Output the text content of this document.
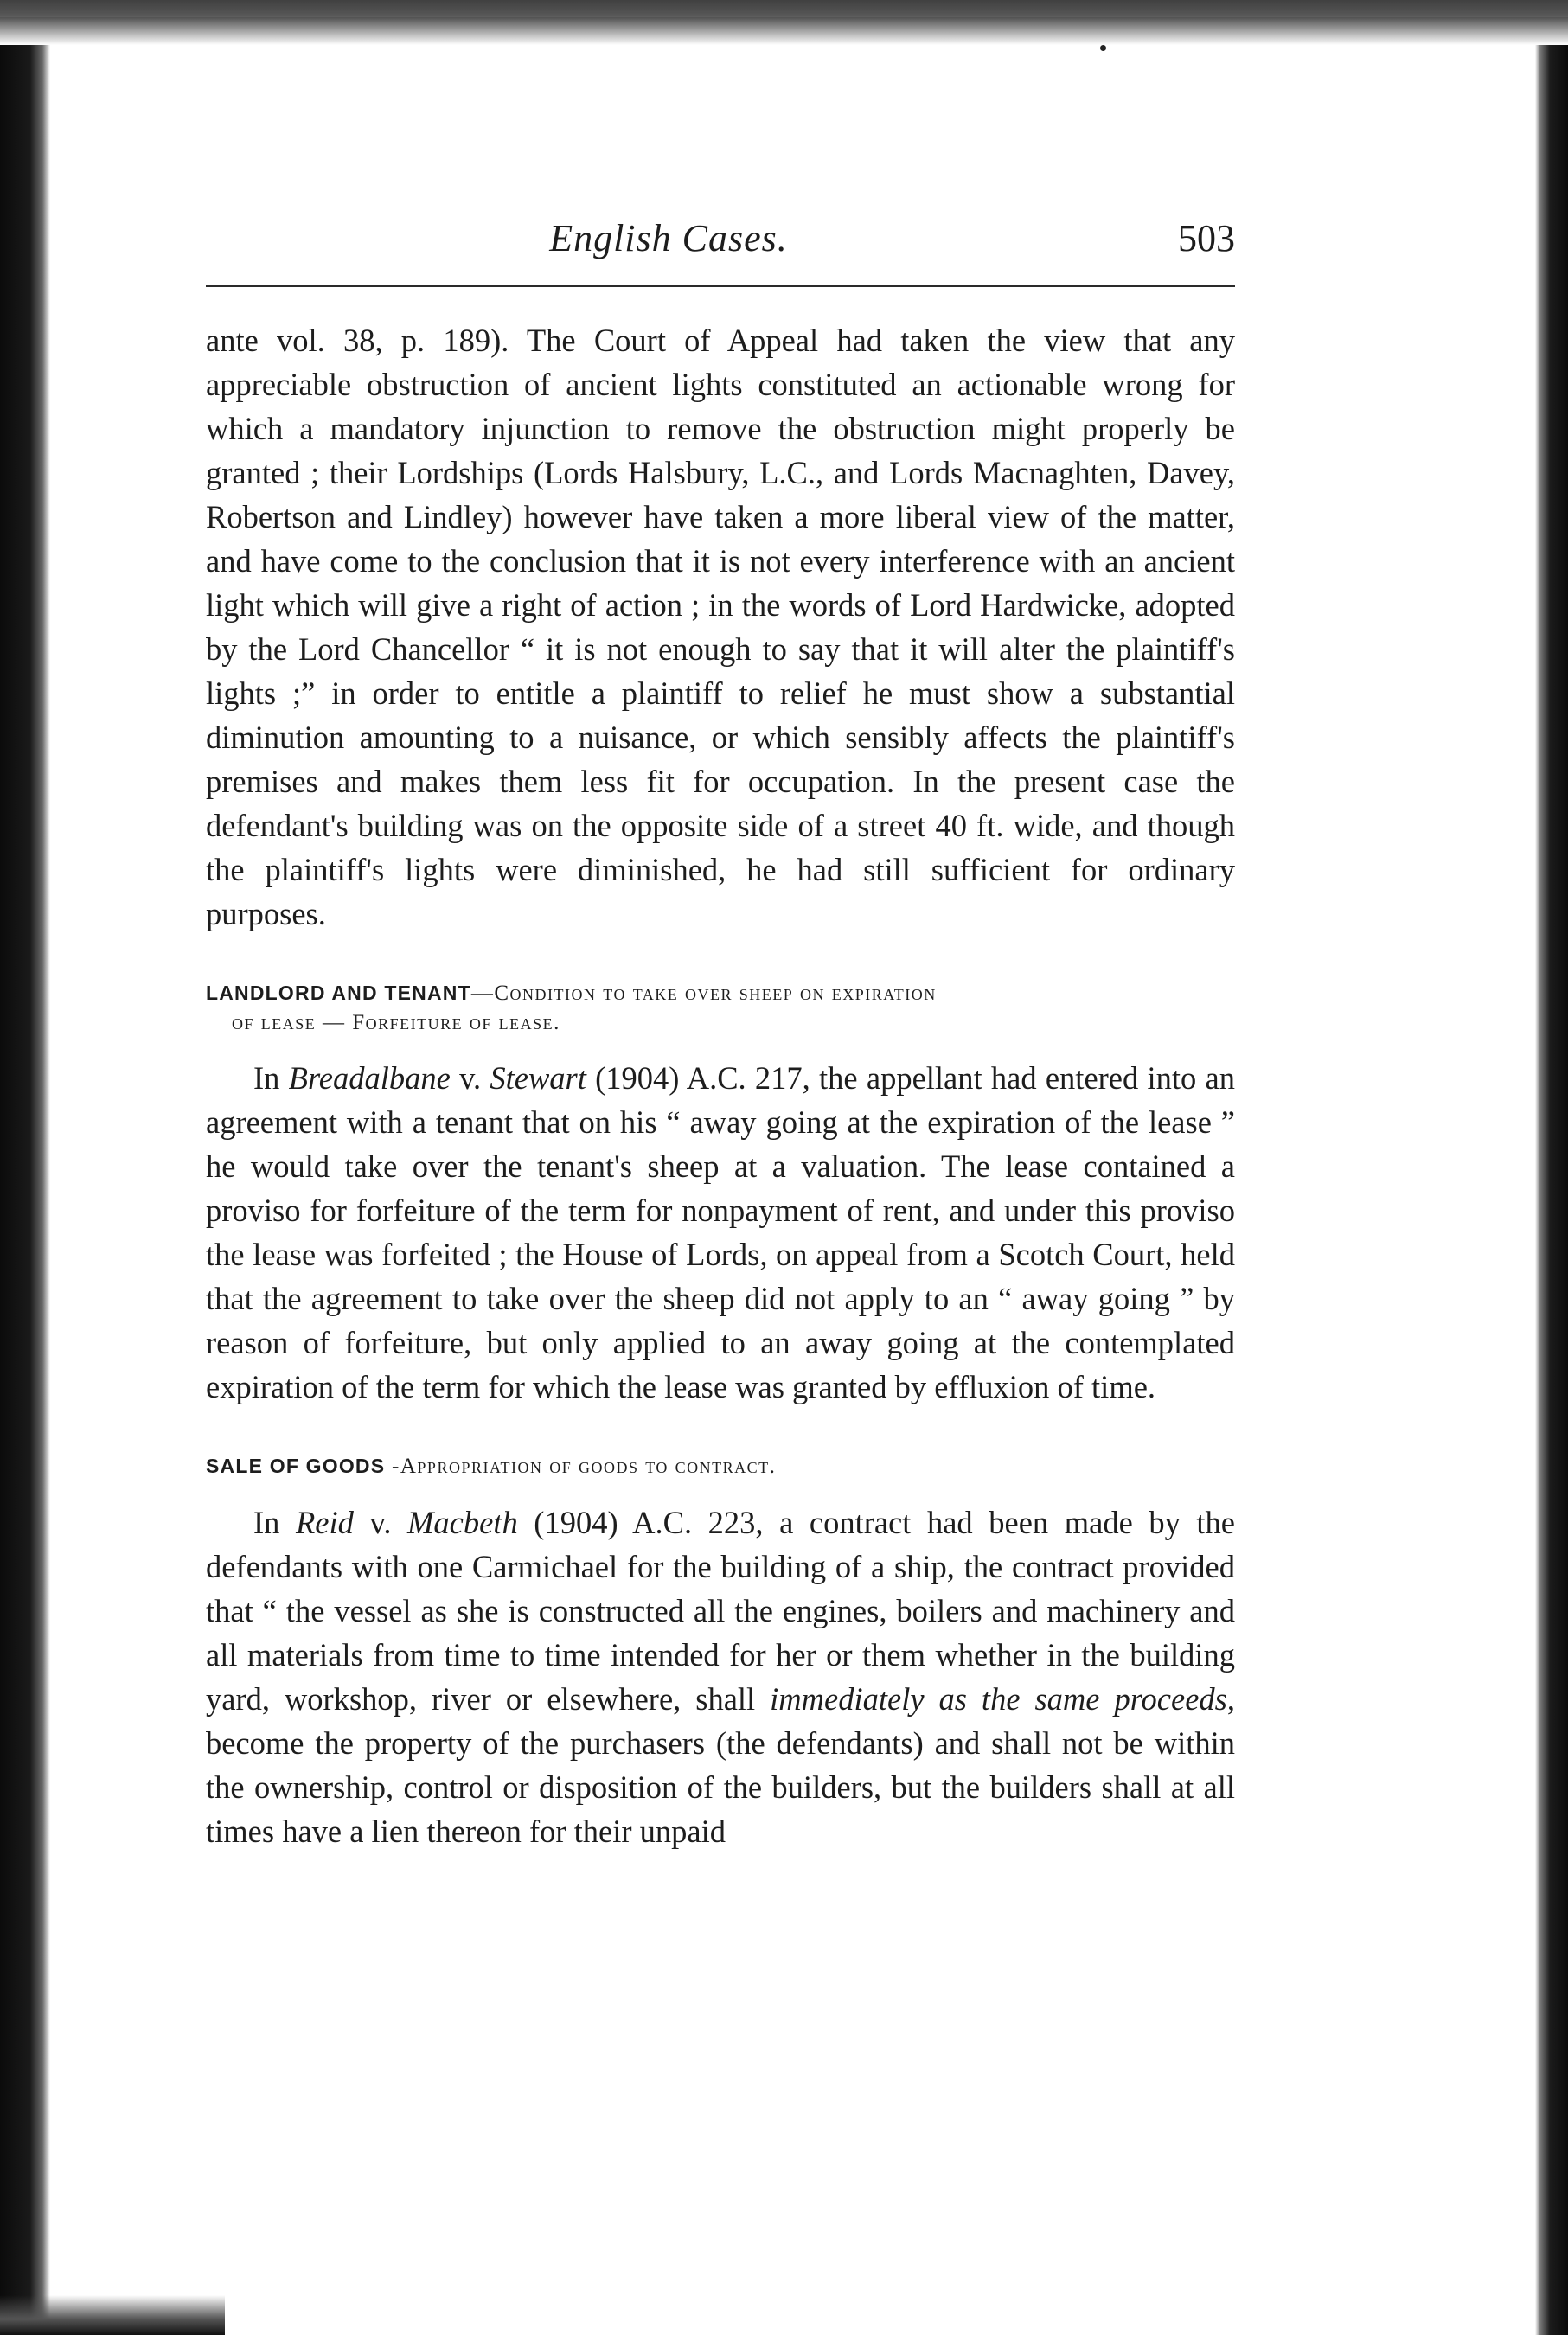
English Cases.	503

ante vol. 38, p. 189). The Court of Appeal had taken the view that any appreciable obstruction of ancient lights constituted an actionable wrong for which a mandatory injunction to remove the obstruction might properly be granted ; their Lordships (Lords Halsbury, L.C., and Lords Macnaghten, Davey, Robertson and Lindley) however have taken a more liberal view of the matter, and have come to the conclusion that it is not every interference with an ancient light which will give a right of action ; in the words of Lord Hardwicke, adopted by the Lord Chancellor “ it is not enough to say that it will alter the plaintiff's lights ;” in order to entitle a plaintiff to relief he must show a substantial diminution amounting to a nuisance, or which sensibly affects the plaintiff's premises and makes them less fit for occupation. In the present case the defendant's building was on the opposite side of a street 40 ft. wide, and though the plaintiff's lights were diminished, he had still sufficient for ordinary purposes.

LANDLORD AND TENANT—Condition to take over sheep on expiration
of lease — Forfeiture of lease.

In Breadalbane v. Stewart (1904) A.C. 217, the appellant had entered into an agreement with a tenant that on his “ away going at the expiration of the lease ” he would take over the tenant's sheep at a valuation. The lease contained a proviso for forfeiture of the term for nonpayment of rent, and under this proviso the lease was forfeited ; the House of Lords, on appeal from a Scotch Court, held that the agreement to take over the sheep did not apply to an “ away going ” by reason of forfeiture, but only applied to an away going at the contemplated expiration of the term for which the lease was granted by effluxion of time.

SALE OF GOODS -Appropriation of goods to contract.

In Reid v. Macbeth (1904) A.C. 223, a contract had been made by the defendants with one Carmichael for the building of a ship, the contract provided that “ the vessel as she is constructed all the engines, boilers and machinery and all materials from time to time intended for her or them whether in the building yard, workshop, river or elsewhere, shall immediately as the same proceeds, become the property of the purchasers (the defendants) and shall not be within the ownership, control or disposition of the builders, but the builders shall at all times have a lien thereon for their unpaid
